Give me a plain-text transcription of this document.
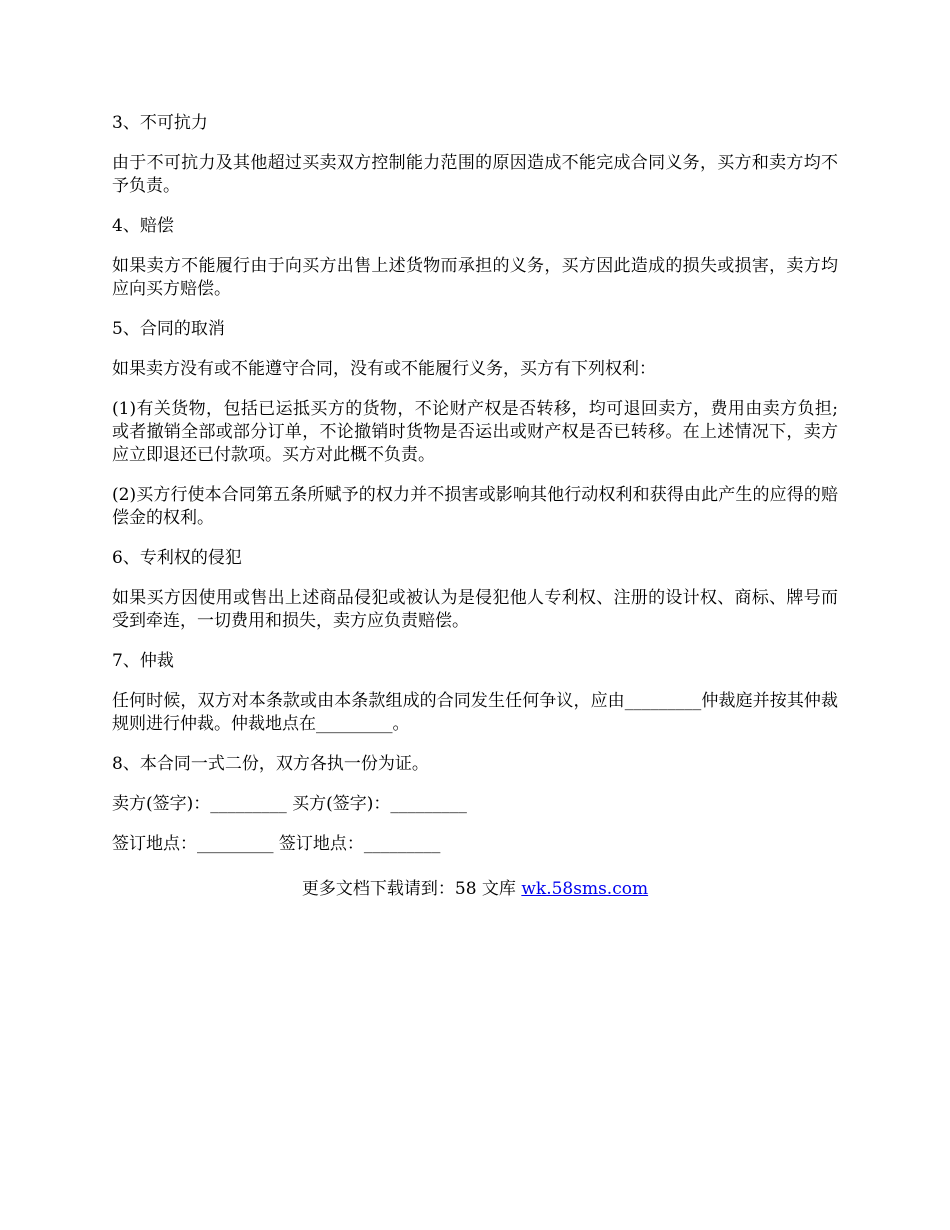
3、不可抗力

由于不可抗力及其他超过买卖双方控制能力范围的原因造成不能完成合同义务，买方和卖方均不予负责。

4、赔偿

如果卖方不能履行由于向买方出售上述货物而承担的义务，买方因此造成的损失或损害，卖方均应向买方赔偿。

5、合同的取消

如果卖方没有或不能遵守合同，没有或不能履行义务，买方有下列权利：

(1)有关货物，包括已运抵买方的货物，不论财产权是否转移，均可退回卖方，费用由卖方负担;或者撤销全部或部分订单，不论撤销时货物是否运出或财产权是否已转移。在上述情况下，卖方应立即退还已付款项。买方对此概不负责。

(2)买方行使本合同第五条所赋予的权力并不损害或影响其他行动权利和获得由此产生的应得的赔偿金的权利。

6、专利权的侵犯

如果买方因使用或售出上述商品侵犯或被认为是侵犯他人专利权、注册的设计权、商标、牌号而受到牵连，一切费用和损失，卖方应负责赔偿。

7、仲裁

任何时候，双方对本条款或由本条款组成的合同发生任何争议，应由_________仲裁庭并按其仲裁规则进行仲裁。仲裁地点在_________。

8、本合同一式二份，双方各执一份为证。

卖方(签字)：_________ 买方(签字)：_________

签订地点：_________ 签订地点：_________

更多文档下载请到：58 文库 wk.58sms.com
